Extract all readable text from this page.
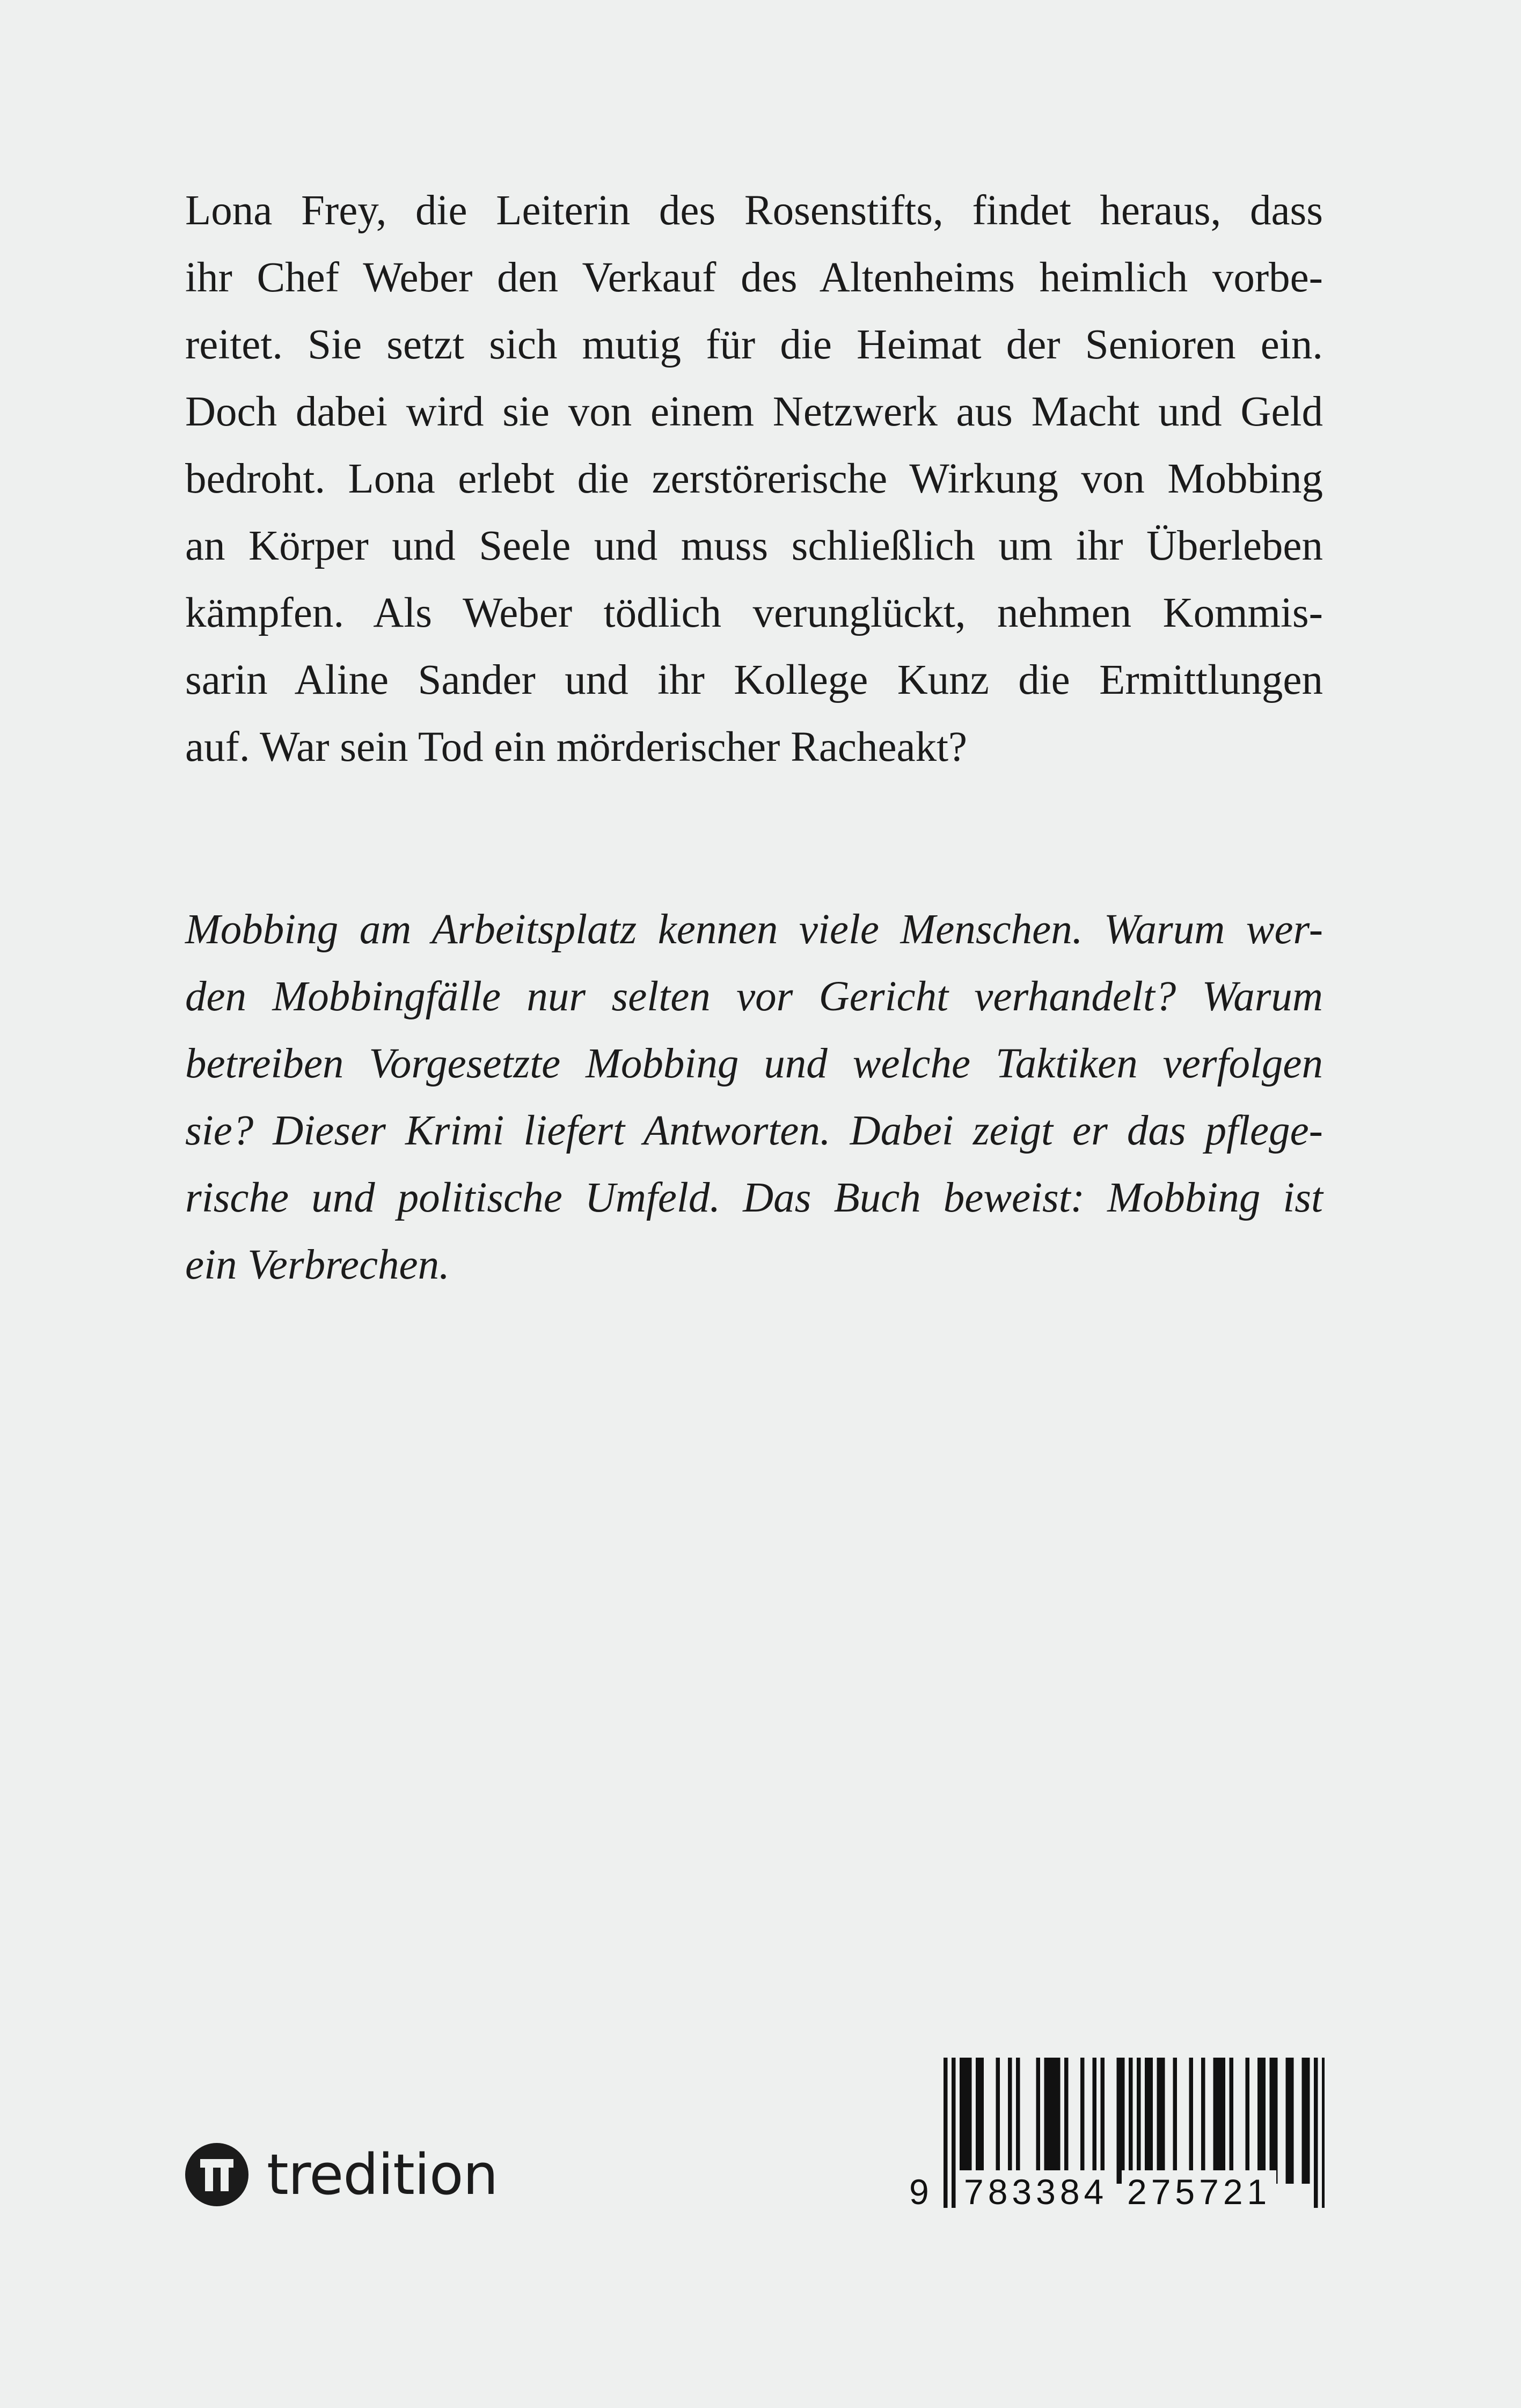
Lona Frey, die Leiterin des Rosenstifts, findet heraus, dass
ihr Chef Weber den Verkauf des Altenheims heimlich vorbe-
reitet. Sie setzt sich mutig für die Heimat der Senioren ein.
Doch dabei wird sie von einem Netzwerk aus Macht und Geld
bedroht. Lona erlebt die zerstörerische Wirkung von Mobbing
an Körper und Seele und muss schließlich um ihr Überleben
kämpfen. Als Weber tödlich verunglückt, nehmen Kommis-
sarin Aline Sander und ihr Kollege Kunz die Ermittlungen
auf. War sein Tod ein mörderischer Racheakt?
Mobbing am Arbeitsplatz kennen viele Menschen. Warum wer-
den Mobbingfälle nur selten vor Gericht verhandelt? Warum
betreiben Vorgesetzte Mobbing und welche Taktiken verfolgen
sie? Dieser Krimi liefert Antworten. Dabei zeigt er das pflege-
rische und politische Umfeld. Das Buch beweist: Mobbing ist
ein Verbrechen.
tredition	9 783384 275721
